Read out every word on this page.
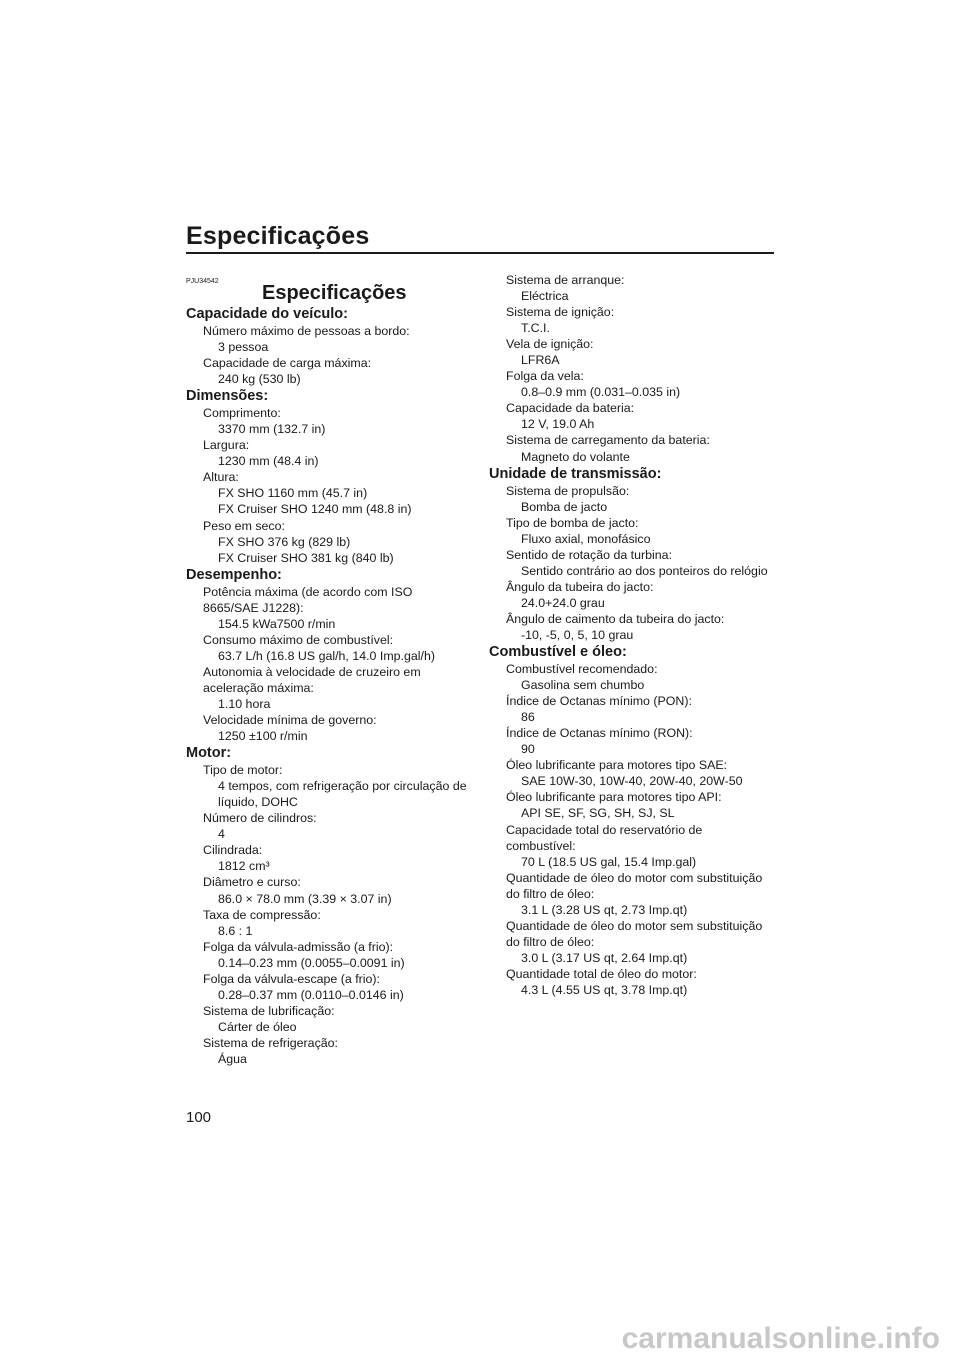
Especificações
PJU34542
Especificações
Capacidade do veículo:
Número máximo de pessoas a bordo:
3 pessoa
Capacidade de carga máxima:
240 kg (530 lb)
Dimensões:
Comprimento:
3370 mm (132.7 in)
Largura:
1230 mm (48.4 in)
Altura:
FX SHO 1160 mm (45.7 in)
FX Cruiser SHO 1240 mm (48.8 in)
Peso em seco:
FX SHO 376 kg (829 lb)
FX Cruiser SHO 381 kg (840 lb)
Desempenho:
Potência máxima (de acordo com ISO
8665/SAE J1228):
154.5 kWa7500 r/min
Consumo máximo de combustível:
63.7 L/h (16.8 US gal/h, 14.0 Imp.gal/h)
Autonomia à velocidade de cruzeiro em
aceleração máxima:
1.10 hora
Velocidade mínima de governo:
1250 ±100 r/min
Motor:
Tipo de motor:
4 tempos, com refrigeração por circulação de
líquido, DOHC
Número de cilindros:
4
Cilindrada:
1812 cm³
Diâmetro e curso:
86.0 × 78.0 mm (3.39 × 3.07 in)
Taxa de compressão:
8.6 : 1
Folga da válvula-admissão (a frio):
0.14–0.23 mm (0.0055–0.0091 in)
Folga da válvula-escape (a frio):
0.28–0.37 mm (0.0110–0.0146 in)
Sistema de lubrificação:
Cárter de óleo
Sistema de refrigeração:
Água
Sistema de arranque:
Eléctrica
Sistema de ignição:
T.C.I.
Vela de ignição:
LFR6A
Folga da vela:
0.8–0.9 mm (0.031–0.035 in)
Capacidade da bateria:
12 V, 19.0 Ah
Sistema de carregamento da bateria:
Magneto do volante
Unidade de transmissão:
Sistema de propulsão:
Bomba de jacto
Tipo de bomba de jacto:
Fluxo axial, monofásico
Sentido de rotação da turbina:
Sentido contrário ao dos ponteiros do relógio
Ângulo da tubeira do jacto:
24.0+24.0 grau
Ângulo de caimento da tubeira do jacto:
-10, -5, 0, 5, 10 grau
Combustível e óleo:
Combustível recomendado:
Gasolina sem chumbo
Índice de Octanas mínimo (PON):
86
Índice de Octanas mínimo (RON):
90
Óleo lubrificante para motores tipo SAE:
SAE 10W-30, 10W-40, 20W-40, 20W-50
Óleo lubrificante para motores tipo API:
API SE, SF, SG, SH, SJ, SL
Capacidade total do reservatório de
combustível:
70 L (18.5 US gal, 15.4 Imp.gal)
Quantidade de óleo do motor com substituição
do filtro de óleo:
3.1 L (3.28 US qt, 2.73 Imp.qt)
Quantidade de óleo do motor sem substituição
do filtro de óleo:
3.0 L (3.17 US qt, 2.64 Imp.qt)
Quantidade total de óleo do motor:
4.3 L (4.55 US qt, 3.78 Imp.qt)
100
carmanualsonline.info
